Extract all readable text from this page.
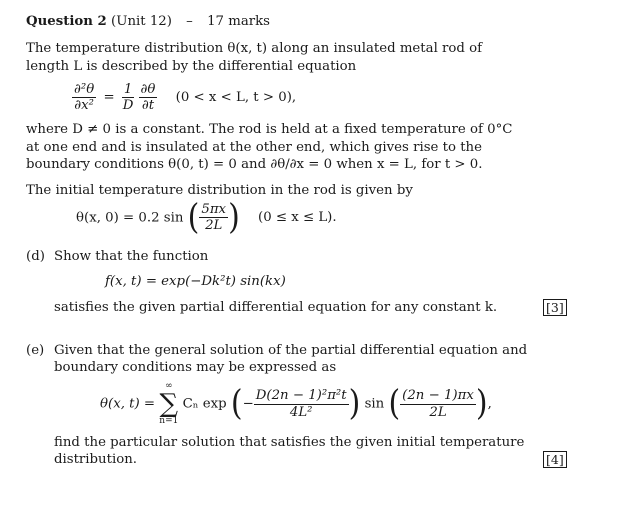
Question 2 (Unit 12) – 17 marks
The temperature distribution θ(x, t) along an insulated metal rod of
length L is described by the differential equation
$\frac{\text{∂²θ}}{\text{∂x²}} = \frac{1}{D}$
$\frac{\partial\theta}{\partial t} (0 < x < L$, t > 0),
where D ≠ 0 is a constant. The rod is held at a fixed temperature of 0°C
at one end and is insulated at the other end, which gives rise to the
boundary conditions θ(0, t) = 0 and ∂θ/∂x = 0 when x = L, for t > 0.
The initial temperature distribution in the rod is given by
θ(x, 0) = 0.2 sin ( $\frac{5\pi x}{2L}$ ) (0 ≤ x ≤ L).
(d) Show that the function
f(x, t) = exp(−Dk²t) sin(kx)
satisfies the given partial differential equation for any constant k.	[3]
(e) Given that the general solution of the partial differential equation and
boundary conditions may be expressed as
θ(x, t) =
∞
∑
n=1
Cₙ exp (− $\frac{\text{D(2n − 1)²π²t}}{\text{4L²}}$ ) sin ( $\frac{(2n - 1)\pi x}{2L}$ ),
find the particular solution that satisfies the given initial temperature
distribution.	[4]
